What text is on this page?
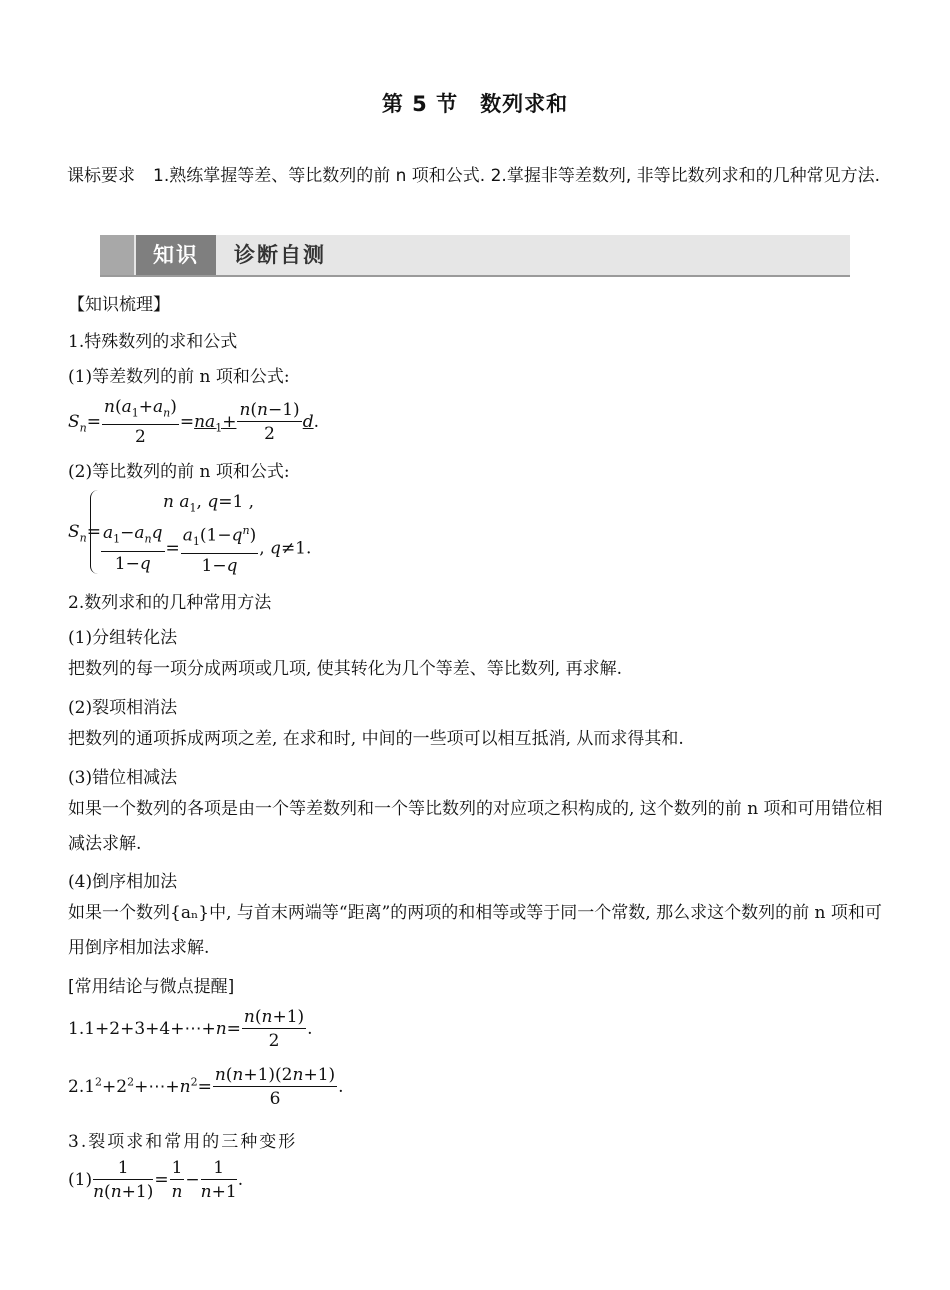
第 5 节　数列求和
课标要求 1.熟练掌握等差、等比数列的前 n 项和公式. 2.掌握非等差数列, 非等比数列求和的几种常见方法.
知识	诊断自测
【知识梳理】
1.特殊数列的求和公式
(1)等差数列的前 n 项和公式:
$S_n= \frac{n(a_1+a_n)}{2} =na_1+ \frac{n(n-1)}{2} d$.
(2)等比数列的前 n 项和公式:
$S_n=$
n $a_1$, q=1 ,
$\frac{a_1-a_nq}{1-q} = \frac{a_1(1-q^n)}{1-q}$ , q≠1.
2.数列求和的几种常用方法
(1)分组转化法
把数列的每一项分成两项或几项, 使其转化为几个等差、等比数列, 再求解.
(2)裂项相消法
把数列的通项拆成两项之差, 在求和时, 中间的一些项可以相互抵消, 从而求得其和.
(3)错位相减法
如果一个数列的各项是由一个等差数列和一个等比数列的对应项之积构成的, 这个数列的前 n 项和可用错位相减法求解.
(4)倒序相加法
如果一个数列{aₙ}中, 与首末两端等“距离”的两项的和相等或等于同一个常数, 那么求这个数列的前 n 项和可用倒序相加法求解.
[常用结论与微点提醒]
1.1+2+3+4+⋯+n= $\frac{n(n+1)}{2}$ .
$2.1^2+2^2+\cdots+n^2= \frac{n(n+1)(2n+1)}{6}$ .
3.裂项求和常用的三种变形
$(1) \frac{1}{n(n+1)} = \frac{1}{n} - \frac{1}{n+1}$ .
